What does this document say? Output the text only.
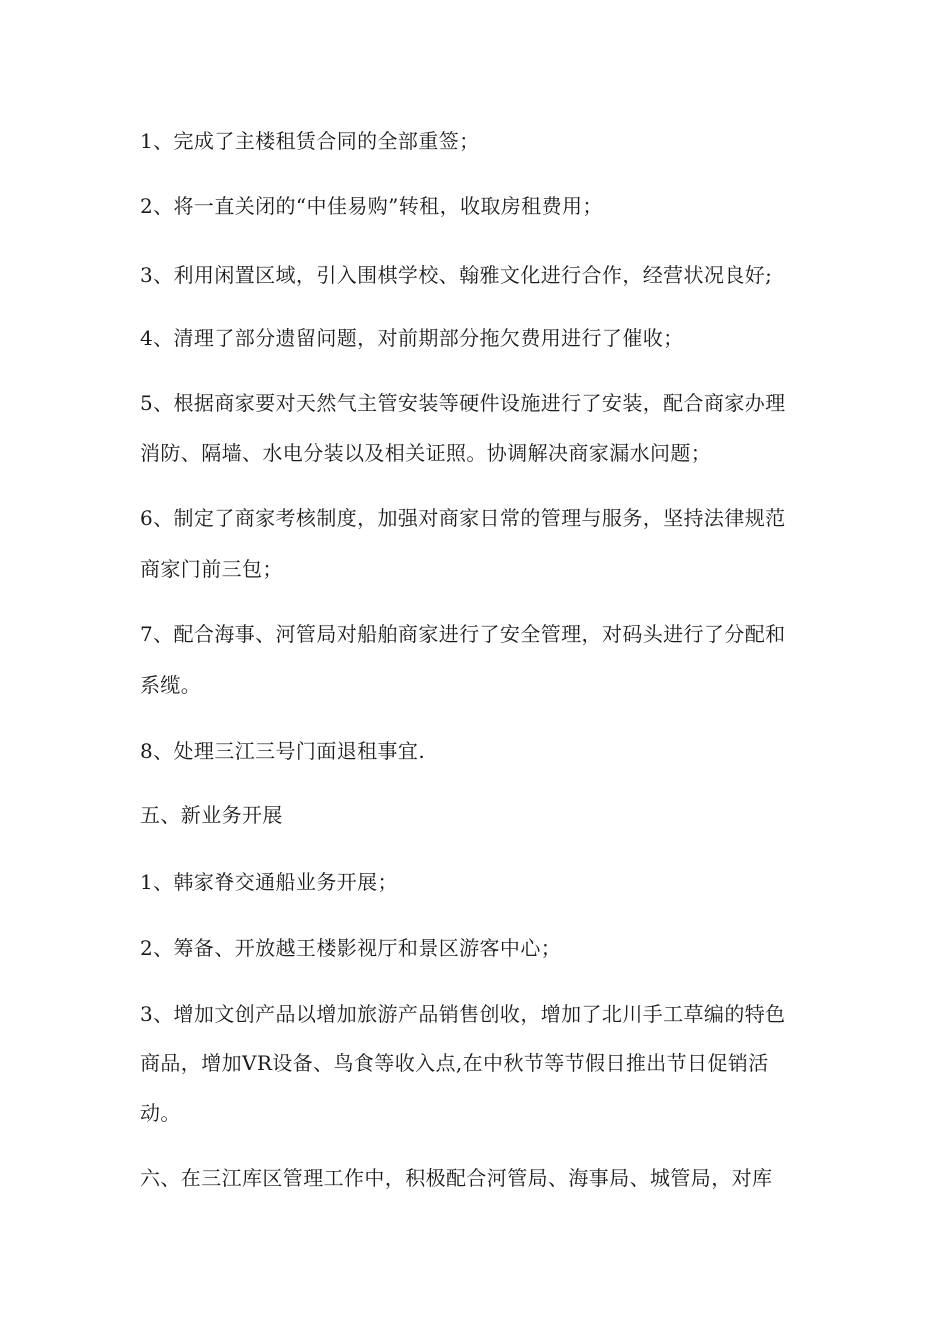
1、完成了主楼租赁合同的全部重签；
2、将一直关闭的“中佳易购”转租，收取房租费用；
3、利用闲置区域，引入围棋学校、翰雅文化进行合作，经营状况良好;
4、清理了部分遗留问题，对前期部分拖欠费用进行了催收；
5、根据商家要对天然气主管安装等硬件设施进行了安装，配合商家办理
消防、隔墙、水电分装以及相关证照。协调解决商家漏水问题；
6、制定了商家考核制度，加强对商家日常的管理与服务，坚持法律规范
商家门前三包；
7、配合海事、河管局对船舶商家进行了安全管理，对码头进行了分配和
系缆。
8、处理三江三号门面退租事宜.
五、新业务开展
1、韩家脊交通船业务开展；
2、筹备、开放越王楼影视厅和景区游客中心；
3、增加文创产品以增加旅游产品销售创收，增加了北川手工草编的特色
商品，增加VR设备、鸟食等收入点,在中秋节等节假日推出节日促销活
动。
六、在三江库区管理工作中，积极配合河管局、海事局、城管局，对库
